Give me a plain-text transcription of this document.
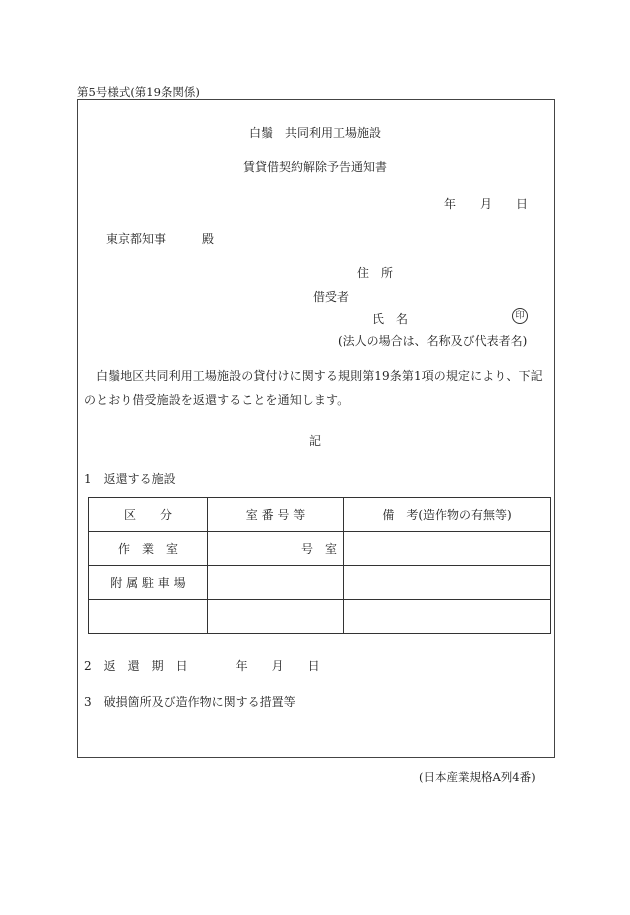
第5号様式(第19条関係)
白鬚　共同利用工場施設
賃貸借契約解除予告通知書
年 月 日
東京都知事　　　殿
住　所
借受者
氏　名	印
(法人の場合は、名称及び代表者名)
白鬚地区共同利用工場施設の貸付けに関する規則第19条第1項の規定により、下記のとおり借受施設を返還することを通知します。
記
1　返還する施設
区　　分	室 番 号 等	備　考(造作物の有無等)
作　業　室	号　室	
附 属 駐 車 場		

2　返　還　期　日　　　　年　　月　　日
3　破損箇所及び造作物に関する措置等
(日本産業規格A列4番)
